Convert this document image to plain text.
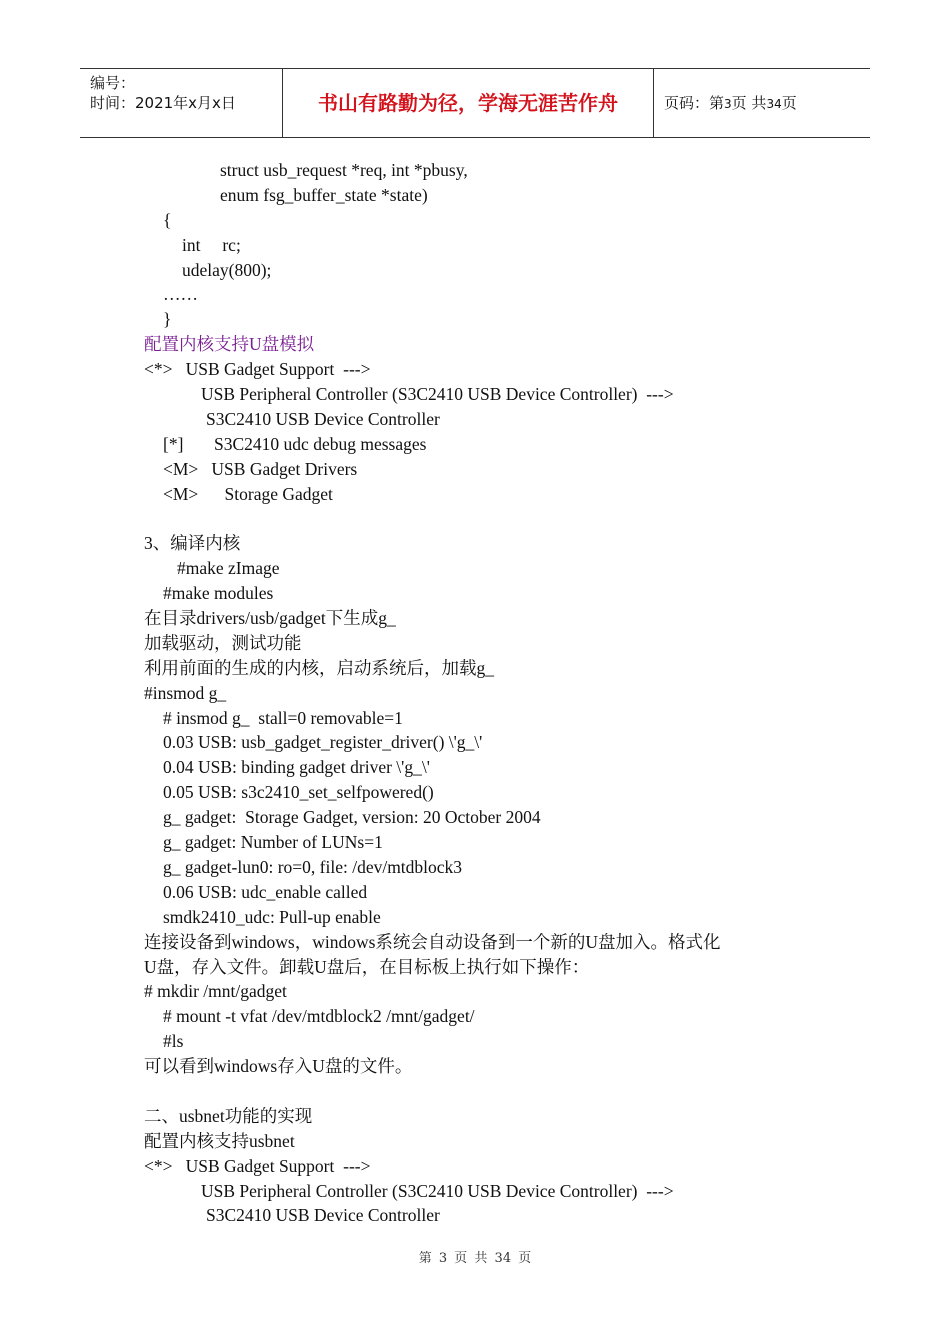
编号：
时间：2021年x月x日	书山有路勤为径，学海无涯苦作舟	页码：第3页 共34页
struct usb_request *req, int *pbusy,
enum fsg_buffer_state *state)
{
int     rc;
udelay(800);
……
}
配置内核支持U盘模拟
<*>   USB Gadget Support  --->
USB Peripheral Controller (S3C2410 USB Device Controller)  --->
S3C2410 USB Device Controller
[*]       S3C2410 udc debug messages
<M>   USB Gadget Drivers
<M>      Storage Gadget
3、编译内核
#make zImage
#make modules
在目录drivers/usb/gadget下生成g_
加载驱动，测试功能
利用前面的生成的内核，启动系统后，加载g_
#insmod g_
# insmod g_  stall=0 removable=1
0.03 USB: usb_gadget_register_driver() \'g_\'
0.04 USB: binding gadget driver \'g_\'
0.05 USB: s3c2410_set_selfpowered()
g_ gadget:  Storage Gadget, version: 20 October 2004
g_ gadget: Number of LUNs=1
g_ gadget-lun0: ro=0, file: /dev/mtdblock3
0.06 USB: udc_enable called
smdk2410_udc: Pull-up enable
连接设备到windows，windows系统会自动设备到一个新的U盘加入。格式化
U盘，存入文件。卸载U盘后，在目标板上执行如下操作：
# mkdir /mnt/gadget
# mount -t vfat /dev/mtdblock2 /mnt/gadget/
#ls
可以看到windows存入U盘的文件。
二、usbnet功能的实现
配置内核支持usbnet
<*>   USB Gadget Support  --->
USB Peripheral Controller (S3C2410 USB Device Controller)  --->
S3C2410 USB Device Controller
第 3 页 共 34 页
